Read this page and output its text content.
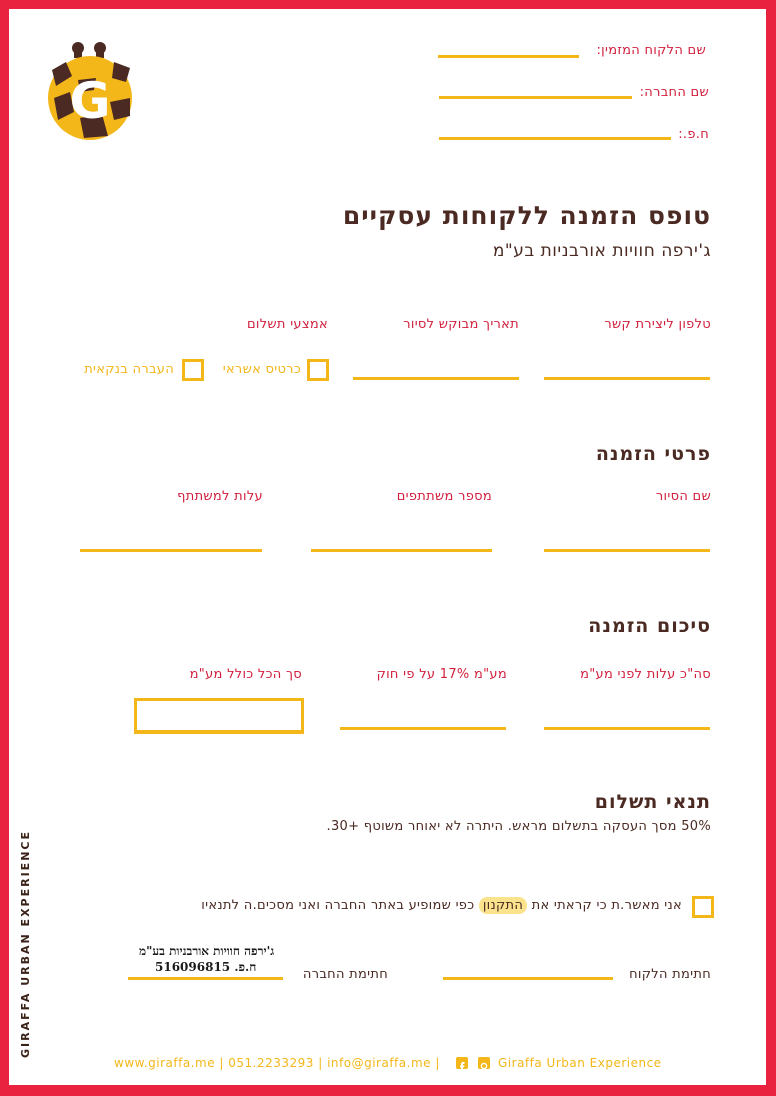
G
שם הלקוח המזמין:
שם החברה:
ח.פ.:
טופס הזמנה ללקוחות עסקיים
ג'ירפה חוויות אורבניות בע"מ
טלפון ליצירת קשר
תאריך מבוקש לסיור
אמצעי תשלום
כרטיס אשראי
העברה בנקאית
פרטי הזמנה
שם הסיור
מספר משתתפים
עלות למשתתף
סיכום הזמנה
סה"כ עלות לפני מע"מ
מע"מ 17% על פי חוק
סך הכל כולל מע"מ
תנאי תשלום
50% מסך העסקה בתשלום מראש. היתרה לא יאוחר משוטף +30.
אני מאשר.ת כי קראתי את התקנון כפי שמופיע באתר החברה ואני מסכים.ה לתנאיו
ג'ירפה חוויות אורבניות בע"מ
ח.פ. 516096815	חתימת הלקוח
חתימת החברה
www.giraffa.me | 051.2233293 | info@giraffa.me |	Giraffa Urban Experience
GIRAFFA URBAN EXPERIENCE
